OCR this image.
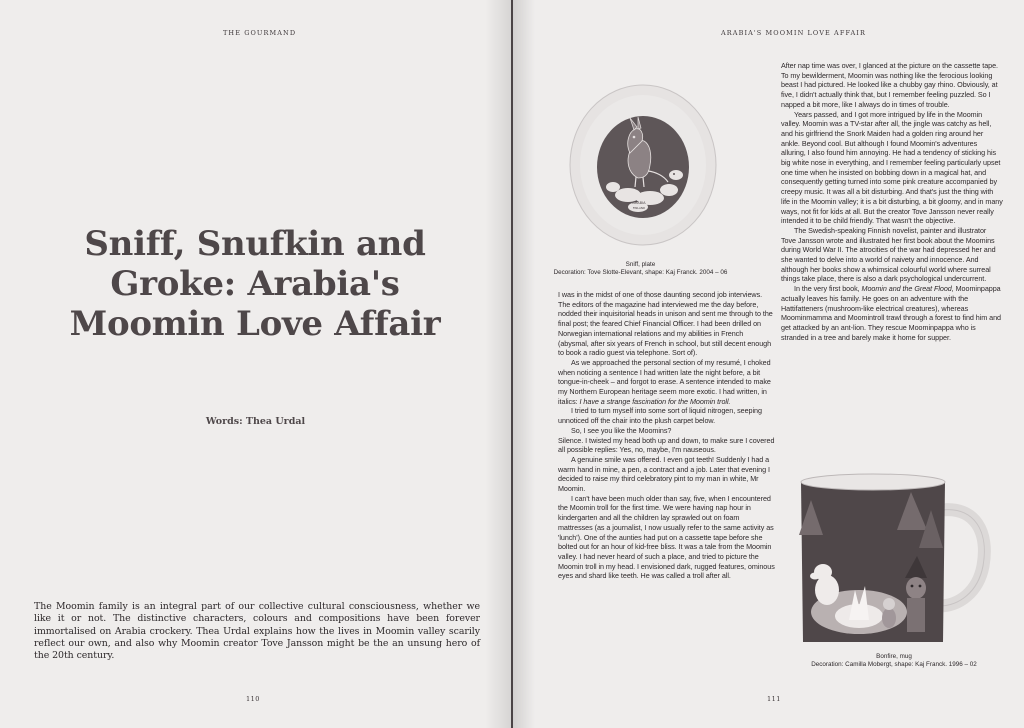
THE GOURMAND
Sniff, Snufkin and Groke: Arabia's Moomin Love Affair
Words: Thea Urdal

The Moomin family is an integral part of our collective cultural consciousness, whether we like it or not. The distinctive characters, colours and compositions have been forever immortalised on Arabia crockery. Thea Urdal explains how the lives in Moomin valley scarily reflect our own, and also why Moomin creator Tove Jansson might be the an unsung hero of the 20th century.

110
ARABIA'S MOOMIN LOVE AFFAIR
ARABIA
FINLAND
Sniff, plate
Decoration: Tove Slotte-Elevant, shape: Kaj Franck. 2004 – 06

I was in the midst of one of those daunting second job interviews. The editors of the magazine had interviewed me the day before, nodded their inquisitorial heads in unison and sent me through to the final post; the feared Chief Financial Officer. I had been drilled on Norwegian international relations and my abilities in French (abysmal, after six years of French in school, but still decent enough to book a radio guest via telephone. Sort of).

As we approached the personal section of my resumé, I choked when noticing a sentence I had written late the night before, a bit tongue-in-cheek – and forgot to erase. A sentence intended to make my Northern European heritage seem more exotic. I had written, in italics: I have a strange fascination for the Moomin troll.

I tried to turn myself into some sort of liquid nitrogen, seeping unnoticed off the chair into the plush carpet below.

So, I see you like the Moomins?

Silence. I twisted my head both up and down, to make sure I covered all possible replies: Yes, no, maybe, I'm nauseous.

A genuine smile was offered. I even got teeth! Suddenly I had a warm hand in mine, a pen, a contract and a job. Later that evening I decided to raise my third celebratory pint to my man in white, Mr Moomin.

I can't have been much older than say, five, when I encountered the Moomin troll for the first time. We were having nap hour in kindergarten and all the children lay sprawled out on foam mattresses (as a journalist, I now usually refer to the same activity as 'lunch'). One of the aunties had put on a cassette tape before she bolted out for an hour of kid-free bliss. It was a tale from the Moomin valley. I had never heard of such a place, and tried to picture the Moomin troll in my head. I envisioned dark, rugged features, ominous eyes and shard like teeth. He was called a troll after all.

After nap time was over, I glanced at the picture on the cassette tape. To my bewilderment, Moomin was nothing like the ferocious looking beast I had pictured. He looked like a chubby gay rhino. Obviously, at five, I didn't actually think that, but I remember feeling puzzled. So I napped a bit more, like I always do in times of trouble.

Years passed, and I got more intrigued by life in the Moomin valley. Moomin was a TV-star after all, the jingle was catchy as hell, and his girlfriend the Snork Maiden had a golden ring around her ankle. Beyond cool. But although I found Moomin's adventures alluring, I also found him annoying. He had a tendency of sticking his big white nose in everything, and I remember feeling particularly upset one time when he insisted on bobbing down in a magical hat, and consequently getting turned into some pink creature accompanied by creepy music. It was all a bit disturbing. And that's just the thing with life in the Moomin valley; it is a bit disturbing, a bit gloomy, and in many ways, not fit for kids at all. But the creator Tove Jansson never really intended it to be child friendly. That wasn't the objective.

The Swedish-speaking Finnish novelist, painter and illustrator Tove Jansson wrote and illustrated her first book about the Moomins during World War II. The atrocities of the war had depressed her and she wanted to delve into a world of naivety and innocence. And although her books show a whimsical colourful world where surreal things take place, there is also a dark psychological undercurrent.

In the very first book, Moomin and the Great Flood, Moominpappa actually leaves his family. He goes on an adventure with the Hattifatteners (mushroom-like electrical creatures), whereas Moominmamma and Moomintroll trawl through a forest to find him and get attacked by an ant-lion. They rescue Moominpappa who is stranded in a tree and barely make it home for supper.

Bonfire, mug
Decoration: Camilla Mobergt, shape: Kaj Franck. 1996 – 02
111
